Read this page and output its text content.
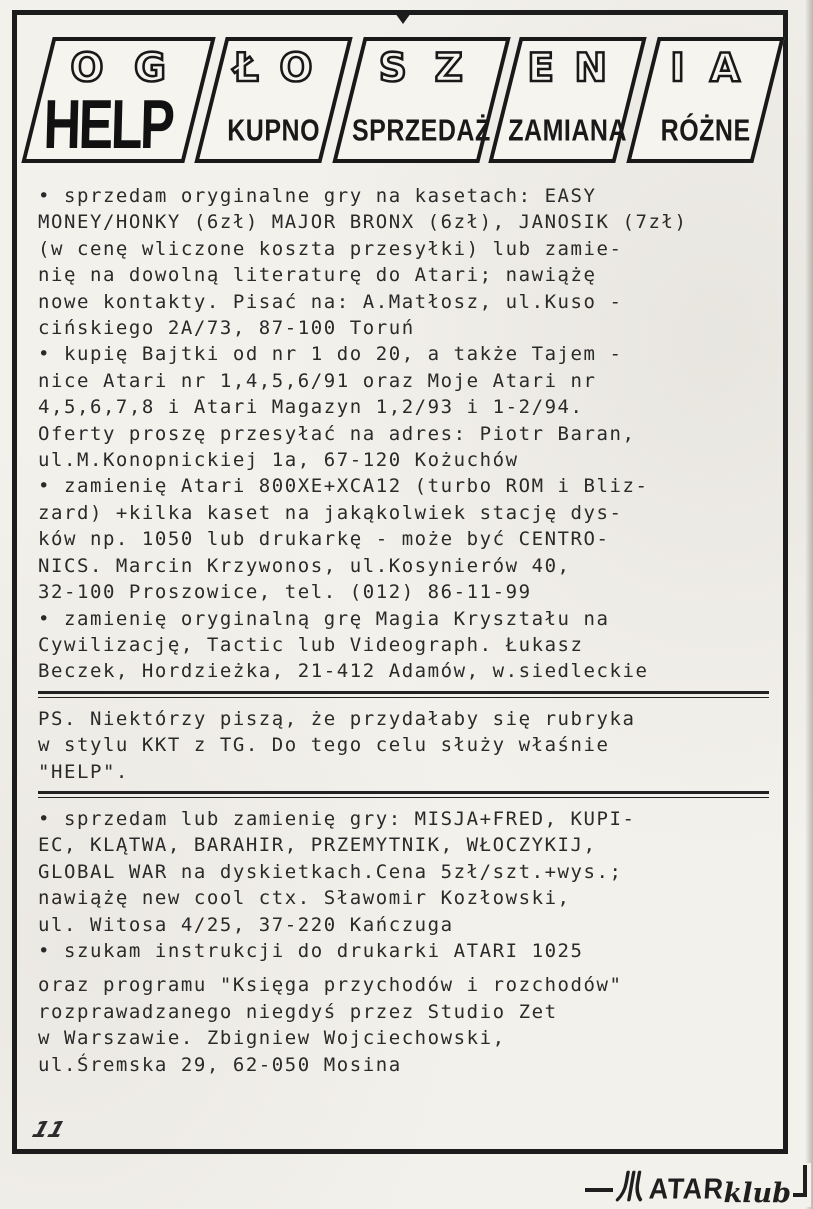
O G
HELP
Ł O
KUPNO
S Z
SPRZEDAŻ
E N
ZAMIANA
I A
RÓŻNE
• sprzedam oryginalne gry na kasetach: EASY
MONEY/HONKY (6zł) MAJOR BRONX (6zł), JANOSIK (7zł)
(w cenę wliczone koszta przesyłki) lub zamie-
nię na dowolną literaturę do Atari; nawiążę
nowe kontakty. Pisać na: A.Matłosz, ul.Kuso -
cińskiego 2A/73, 87-100 Toruń
• kupię Bajtki od nr 1 do 20, a także Tajem -
nice Atari nr 1,4,5,6/91 oraz Moje Atari nr
4,5,6,7,8 i Atari Magazyn 1,2/93 i 1-2/94.
Oferty proszę przesyłać na adres: Piotr Baran,
ul.M.Konopnickiej 1a, 67-120 Kożuchów
• zamienię Atari 800XE+XCA12 (turbo ROM i Bliz-
zard) +kilka kaset na jakąkolwiek stację dys-
ków np. 1050 lub drukarkę - może być CENTRO-
NICS. Marcin Krzywonos, ul.Kosynierów 40,
32-100 Proszowice, tel. (012) 86-11-99
• zamienię oryginalną grę Magia Kryształu na
Cywilizację, Tactic lub Videograph. Łukasz
Beczek, Hordzieżka, 21-412 Adamów, w.siedleckie
PS. Niektórzy piszą, że przydałaby się rubryka
w stylu KKT z TG. Do tego celu służy właśnie
"HELP".
• sprzedam lub zamienię gry: MISJA+FRED, KUPI-
EC, KLĄTWA, BARAHIR, PRZEMYTNIK, WŁOCZYKIJ,
GLOBAL WAR na dyskietkach.Cena 5zł/szt.+wys.;
nawiążę new cool ctx. Sławomir Kozłowski,
ul. Witosa 4/25, 37-220 Kańczuga
• szukam instrukcji do drukarki ATARI 1025
oraz programu "Księga przychodów i rozchodów"
rozprawadzanego niegdyś przez Studio Zet
w Warszawie. Zbigniew Wojciechowski,
ul.Śremska 29, 62-050 Mosina
11
ATAR
klub
